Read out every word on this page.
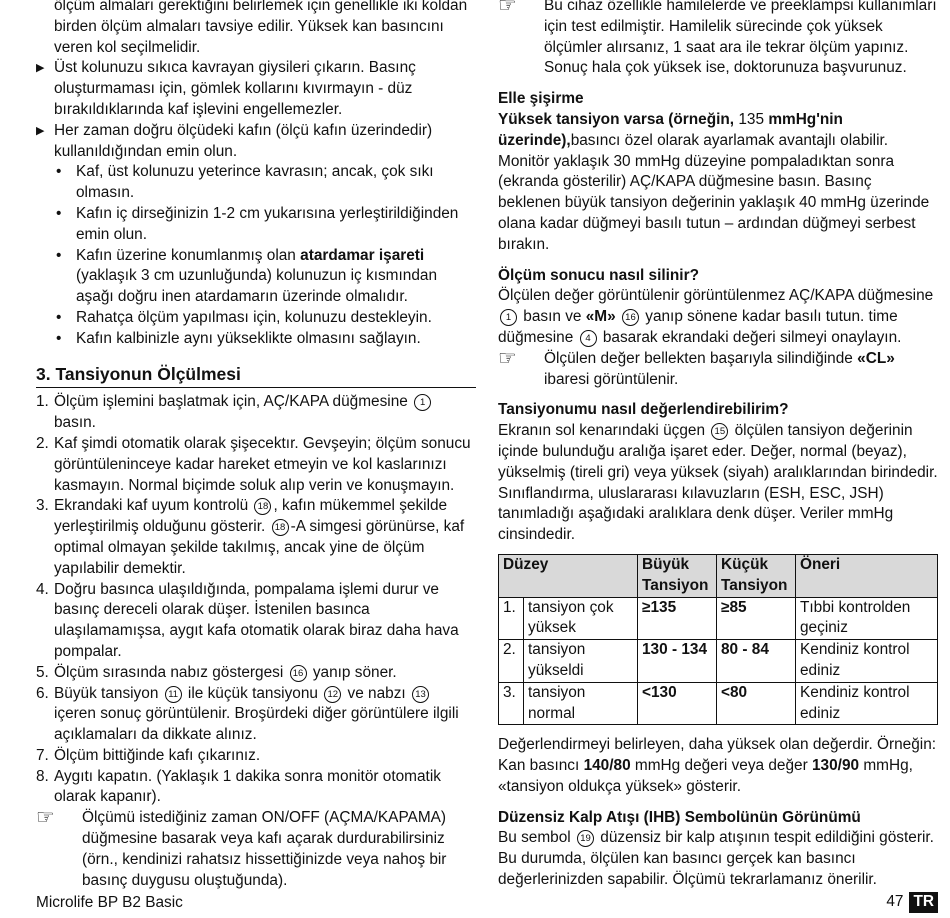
ölçüm almaları gerektiğini belirlemek için genellikle iki koldan birden ölçüm almaları tavsiye edilir. Yüksek kan basıncını veren kol seçilmelidir.

▶ Üst kolunuzu sıkıca kavrayan giysileri çıkarın. Basınç oluşturmaması için, gömlek kollarını kıvırmayın - düz bırakıldıklarında kaf işlevini engellemezler.

▶ Her zaman doğru ölçüdeki kafın (ölçü kafın üzerindedir) kullanıldığından emin olun.

• Kaf, üst kolunuzu yeterince kavrasın; ancak, çok sıkı olmasın.

• Kafın iç dirseğinizin 1-2 cm yukarısına yerleştirildiğinden emin olun.

• Kafın üzerine konumlanmış olan atardamar işareti (yaklaşık 3 cm uzunluğunda) kolunuzun iç kısmından aşağı doğru inen atardamarın üzerinde olmalıdır.

• Rahatça ölçüm yapılması için, kolunuzu destekleyin.

• Kafın kalbinizle aynı yükseklikte olmasını sağlayın.

3. Tansiyonun Ölçülmesi

1. Ölçüm işlemini başlatmak için, AÇ/KAPA düğmesine 1 basın.

2. Kaf şimdi otomatik olarak şişecektır. Gevşeyin; ölçüm sonucu görüntüleninceye kadar hareket etmeyin ve kol kaslarınızı kasmayın. Normal biçimde soluk alıp verin ve konuşmayın.

3. Ekrandaki kaf uyum kontrolü 18 , kafın mükemmel şekilde yerleştirilmiş olduğunu gösterir. 18 -A simgesi görünürse, kaf optimal olmayan şekilde takılmış, ancak yine de ölçüm yapılabilir demektir.

4. Doğru basınca ulaşıldığında, pompalama işlemi durur ve basınç dereceli olarak düşer. İstenilen basınca ulaşılamamışsa, aygıt kafa otomatik olarak biraz daha hava pompalar.

5. Ölçüm sırasında nabız göstergesi 16 yanıp söner.

6. Büyük tansiyon 11 ile küçük tansiyonu 12 ve nabzı 13 içeren sonuç görüntülenir. Broşürdeki diğer görüntülere ilgili açıklamaları da dikkate alınız.

7. Ölçüm bittiğinde kafı çıkarınız.

8. Aygıtı kapatın. (Yaklaşık 1 dakika sonra monitör otomatik olarak kapanır).

☞ Ölçümü istediğiniz zaman ON/OFF (AÇMA/KAPAMA) düğmesine basarak veya kafı açarak durdurabilirsiniz (örn., kendinizi rahatsız hissettiğinizde veya nahoş bir basınç duygusu oluştuğunda).

☞ Bu cihaz özellikle hamilelerde ve preeklampsi kullanımları için test edilmiştir. Hamilelik sürecinde çok yüksek ölçümler alırsanız, 1 saat ara ile tekrar ölçüm yapınız. Sonuç hala çok yüksek ise, doktorunuza başvurunuz.

Elle şişirme

Yüksek tansiyon varsa (örneğin, 135 mmHg'nin üzerinde),basıncı özel olarak ayarlamak avantajlı olabilir. Monitör yaklaşık 30 mmHg düzeyine pompaladıktan sonra (ekranda gösterilir) AÇ/KAPA düğmesine basın. Basınç beklenen büyük tansiyon değerinin yaklaşık 40 mmHg üzerinde olana kadar düğmeyi basılı tutun – ardından düğmeyi serbest bırakın.

Ölçüm sonucu nasıl silinir?

Ölçülen değer görüntülenir görüntülenmez AÇ/KAPA düğmesine 1 basın ve «M» 16 yanıp sönene kadar basılı tutun. time düğmesine 4 basarak ekrandaki değeri silmeyi onaylayın.

☞ Ölçülen değer bellekten başarıyla silindiğinde «CL» ibaresi görüntülenir.

Tansiyonumu nasıl değerlendirebilirim?

Ekranın sol kenarındaki üçgen 15 ölçülen tansiyon değerinin içinde bulunduğu aralığa işaret eder. Değer, normal (beyaz), yükselmiş (tireli gri) veya yüksek (siyah) aralıklarından birindedir. Sınıflandırma, uluslararası kılavuzların (ESH, ESC, JSH) tanımladığı aşağıdaki aralıklara denk düşer. Veriler mmHg cinsindedir.

Düzey	Büyük Tansiyon	Küçük Tansiyon	Öneri

1. tansiyon çok yüksek	≥135	≥85	Tıbbi kontrolden geçiniz

2. tansiyon yükseldi	130 - 134	80 - 84	Kendiniz kontrol ediniz

3. tansiyon normal	<130	<80	Kendiniz kontrol ediniz

Değerlendirmeyi belirleyen, daha yüksek olan değerdir. Örneğin: Kan basıncı 140/80 mmHg değeri veya değer 130/90 mmHg, «tansiyon oldukça yüksek» gösterir.

Düzensiz Kalp Atışı (IHB) Sembolünün Görünümü

Bu sembol 19 düzensiz bir kalp atışının tespit edildiğini gösterir. Bu durumda, ölçülen kan basıncı gerçek kan basıncı değerlerinizden sapabilir. Ölçümü tekrarlamanız önerilir.

Microlife BP B2 Basic	47 TR
